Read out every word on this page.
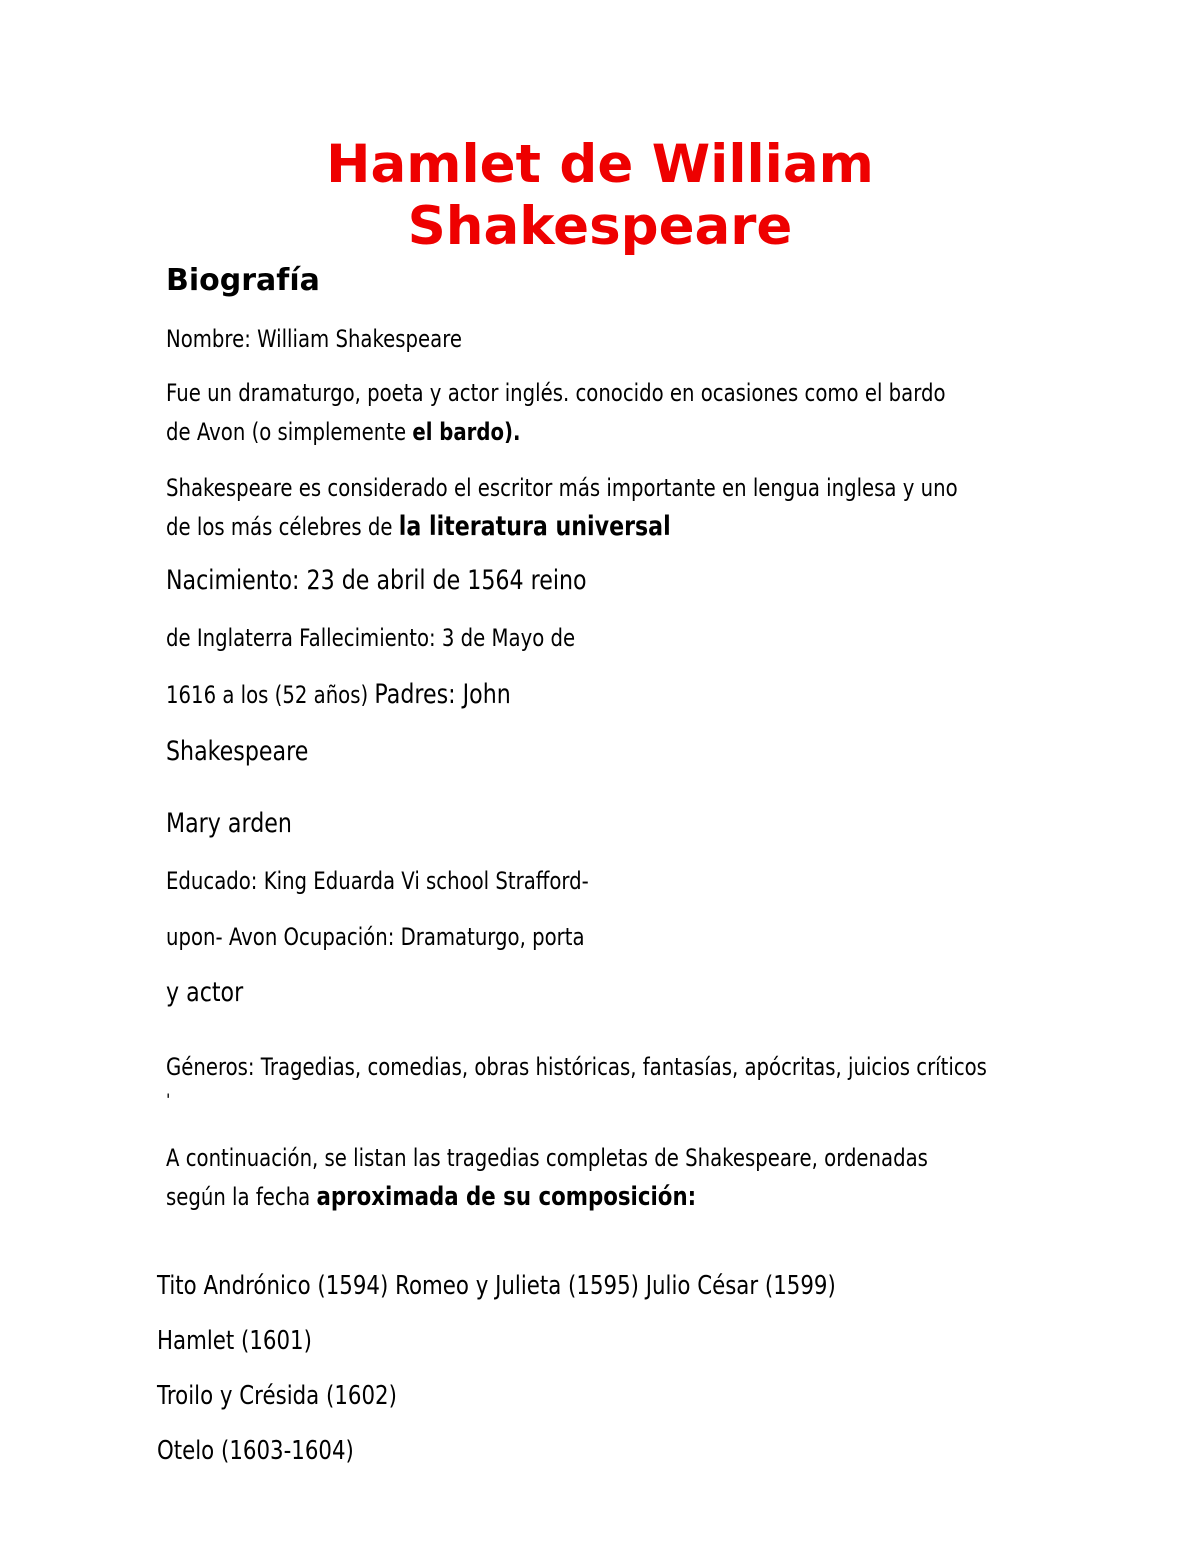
Hamlet de William
Shakespeare
Biografía
Nombre: William Shakespeare
Fue un dramaturgo, poeta y actor inglés. conocido en ocasiones como el bardo
de Avon (o simplemente el bardo).
Shakespeare es considerado el escritor más importante en lengua inglesa y uno
de los más célebres de la literatura universal
Nacimiento: 23 de abril de 1564 reino
de Inglaterra Fallecimiento: 3 de Mayo de
1616 a los (52 años) Padres: John
Shakespeare
Mary arden
Educado: King Eduarda Vi school Strafford-
upon- Avon Ocupación: Dramaturgo, porta
y actor
Géneros: Tragedias, comedias, obras históricas, fantasías, apócritas, juicios críticos
'
A continuación, se listan las tragedias completas de Shakespeare, ordenadas
según la fecha aproximada de su composición:
Tito Andrónico (1594) Romeo y Julieta (1595) Julio César (1599)
Hamlet (1601)
Troilo y Crésida (1602)
Otelo (1603-1604)
